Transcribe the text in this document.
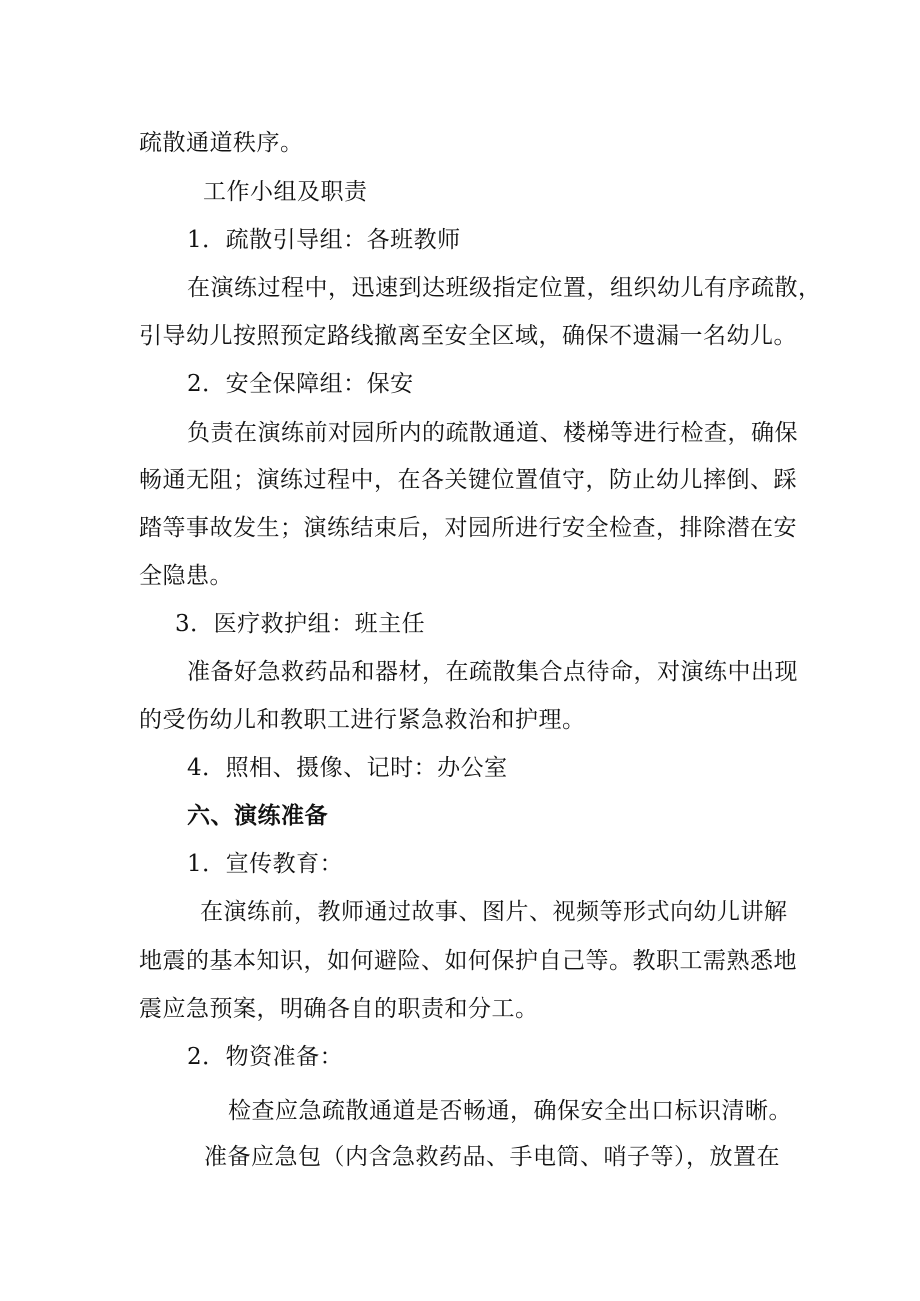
疏散通道秩序。
工作小组及职责
1．疏散引导组：各班教师
在演练过程中，迅速到达班级指定位置，组织幼儿有序疏散，
引导幼儿按照预定路线撤离至安全区域，确保不遗漏一名幼儿。
2．安全保障组：保安
负责在演练前对园所内的疏散通道、楼梯等进行检查，确保
畅通无阻；演练过程中，在各关键位置值守，防止幼儿摔倒、踩
踏等事故发生；演练结束后，对园所进行安全检查，排除潜在安
全隐患。
3．医疗救护组：班主任
准备好急救药品和器材，在疏散集合点待命，对演练中出现
的受伤幼儿和教职工进行紧急救治和护理。
4．照相、摄像、记时：办公室
六、演练准备
1．宣传教育：
在演练前，教师通过故事、图片、视频等形式向幼儿讲解
地震的基本知识，如何避险、如何保护自己等。教职工需熟悉地
震应急预案，明确各自的职责和分工。
2．物资准备：
检查应急疏散通道是否畅通，确保安全出口标识清晰。
准备应急包（内含急救药品、手电筒、哨子等），放置在
